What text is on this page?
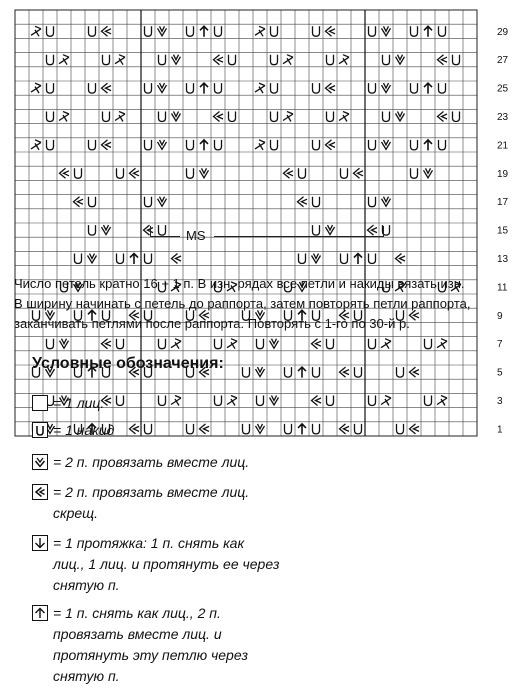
1
3
5
7
9
11
13
15
17
19
21
23
25
27
29
MS

Число петель кратно 16 + 1 п. В изн. рядах все петли и накиды вязать изн.
В ширину начинать с петель до раппорта, затем повторять петли раппорта,
заканчивать петлями после раппорта. Повторять с 1-го по 30-й р.

Условные обозначения:

= 1 лиц.
= 1 накид
= 2 п. провязать вместе лиц.
= 2 п. провязать вместе лиц.
скрещ.
= 1 протяжка: 1 п. снять как
лиц., 1 лиц. и протянуть ее через
снятую п.
= 1 п. снять как лиц., 2 п.
провязать вместе лиц. и
протянуть эту петлю через
снятую п.
